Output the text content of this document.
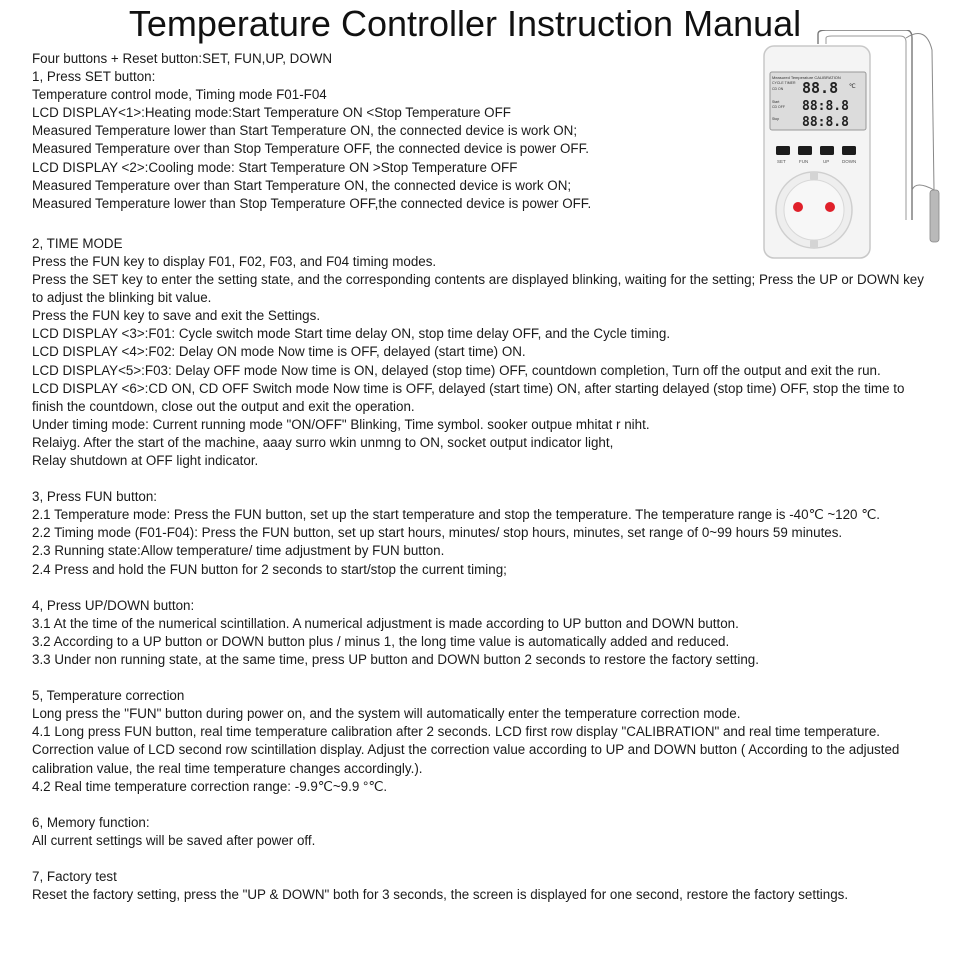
Temperature Controller Instruction Manual
Four buttons + Reset button:SET, FUN,UP, DOWN
1, Press SET button:
Temperature control mode, Timing mode F01-F04
LCD DISPLAY<1>:Heating mode:Start Temperature ON <Stop Temperature OFF
Measured Temperature lower than Start Temperature ON, the connected device is work ON;
Measured Temperature over than Stop Temperature OFF, the connected device is power OFF.
LCD DISPLAY <2>:Cooling mode: Start Temperature ON >Stop Temperature OFF
Measured Temperature over than Start Temperature ON, the connected device is work ON;
Measured Temperature lower than Stop Temperature OFF,the connected device is power OFF.
2, TIME MODE
Press the FUN key to display F01, F02, F03, and F04 timing modes.
Press the SET key to enter the setting state, and the corresponding contents are displayed blinking, waiting for the setting; Press the UP or DOWN key to adjust the blinking bit value.
Press the FUN key to save and exit the Settings.
LCD DISPLAY <3>:F01: Cycle switch mode Start time delay ON, stop time delay OFF, and the Cycle timing.
LCD DISPLAY <4>:F02: Delay ON mode Now time is OFF, delayed (start time) ON.
LCD DISPLAY<5>:F03: Delay OFF mode Now time is ON, delayed (stop time) OFF, countdown completion, Turn off the output and exit the run.
LCD DISPLAY <6>:CD ON, CD OFF Switch mode Now time is OFF, delayed (start time) ON, after starting delayed (stop time) OFF, stop the time to finish the countdown, close out the output and exit the operation.
Under timing mode: Current running mode "ON/OFF" Blinking, Time symbol. sooker outpue mhitat r niht.
Relaiyg. After the start of the machine, aaay surro wkin unmng to ON, socket output indicator light,
Relay shutdown at OFF light indicator.
3, Press FUN button:
2.1 Temperature mode: Press the FUN button, set up the start temperature and stop the temperature. The temperature range is -40℃ ~120 ℃.
2.2 Timing mode (F01-F04): Press the FUN button, set up start hours, minutes/ stop hours, minutes, set range of 0~99 hours 59 minutes.
2.3 Running state:Allow temperature/ time adjustment by FUN button.
2.4 Press and hold the FUN button for 2 seconds to start/stop the current timing;
4, Press UP/DOWN button:
3.1 At the time of the numerical scintillation. A numerical adjustment is made according to UP button and DOWN button.
3.2 According to a UP button or DOWN button plus / minus 1, the long time value is automatically added and reduced.
3.3 Under non running state, at the same time, press UP button and DOWN button 2 seconds to restore the factory setting.
5, Temperature correction
Long press the "FUN" button during power on, and the system will automatically enter the temperature correction mode.
4.1 Long press FUN button, real time temperature calibration after 2 seconds. LCD first row display "CALIBRATION" and real time temperature. Correction value of LCD second row scintillation display. Adjust the correction value according to UP and DOWN button ( According to the adjusted calibration value, the real time temperature changes accordingly.).
4.2 Real time temperature correction range: -9.9℃~9.9 °℃.
6, Memory function:
All current settings will be saved after power off.
7, Factory test
Reset the factory setting, press the "UP & DOWN" both for 3 seconds, the screen is displayed for one second, restore the factory settings.
Measured Temperature CALIBRATION
CYCLE TIMER
CD ON 88.8 ℃
Start
CD OFF 88:8.8
Stop 88:8.8
SET	FUN	UP	DOWN
